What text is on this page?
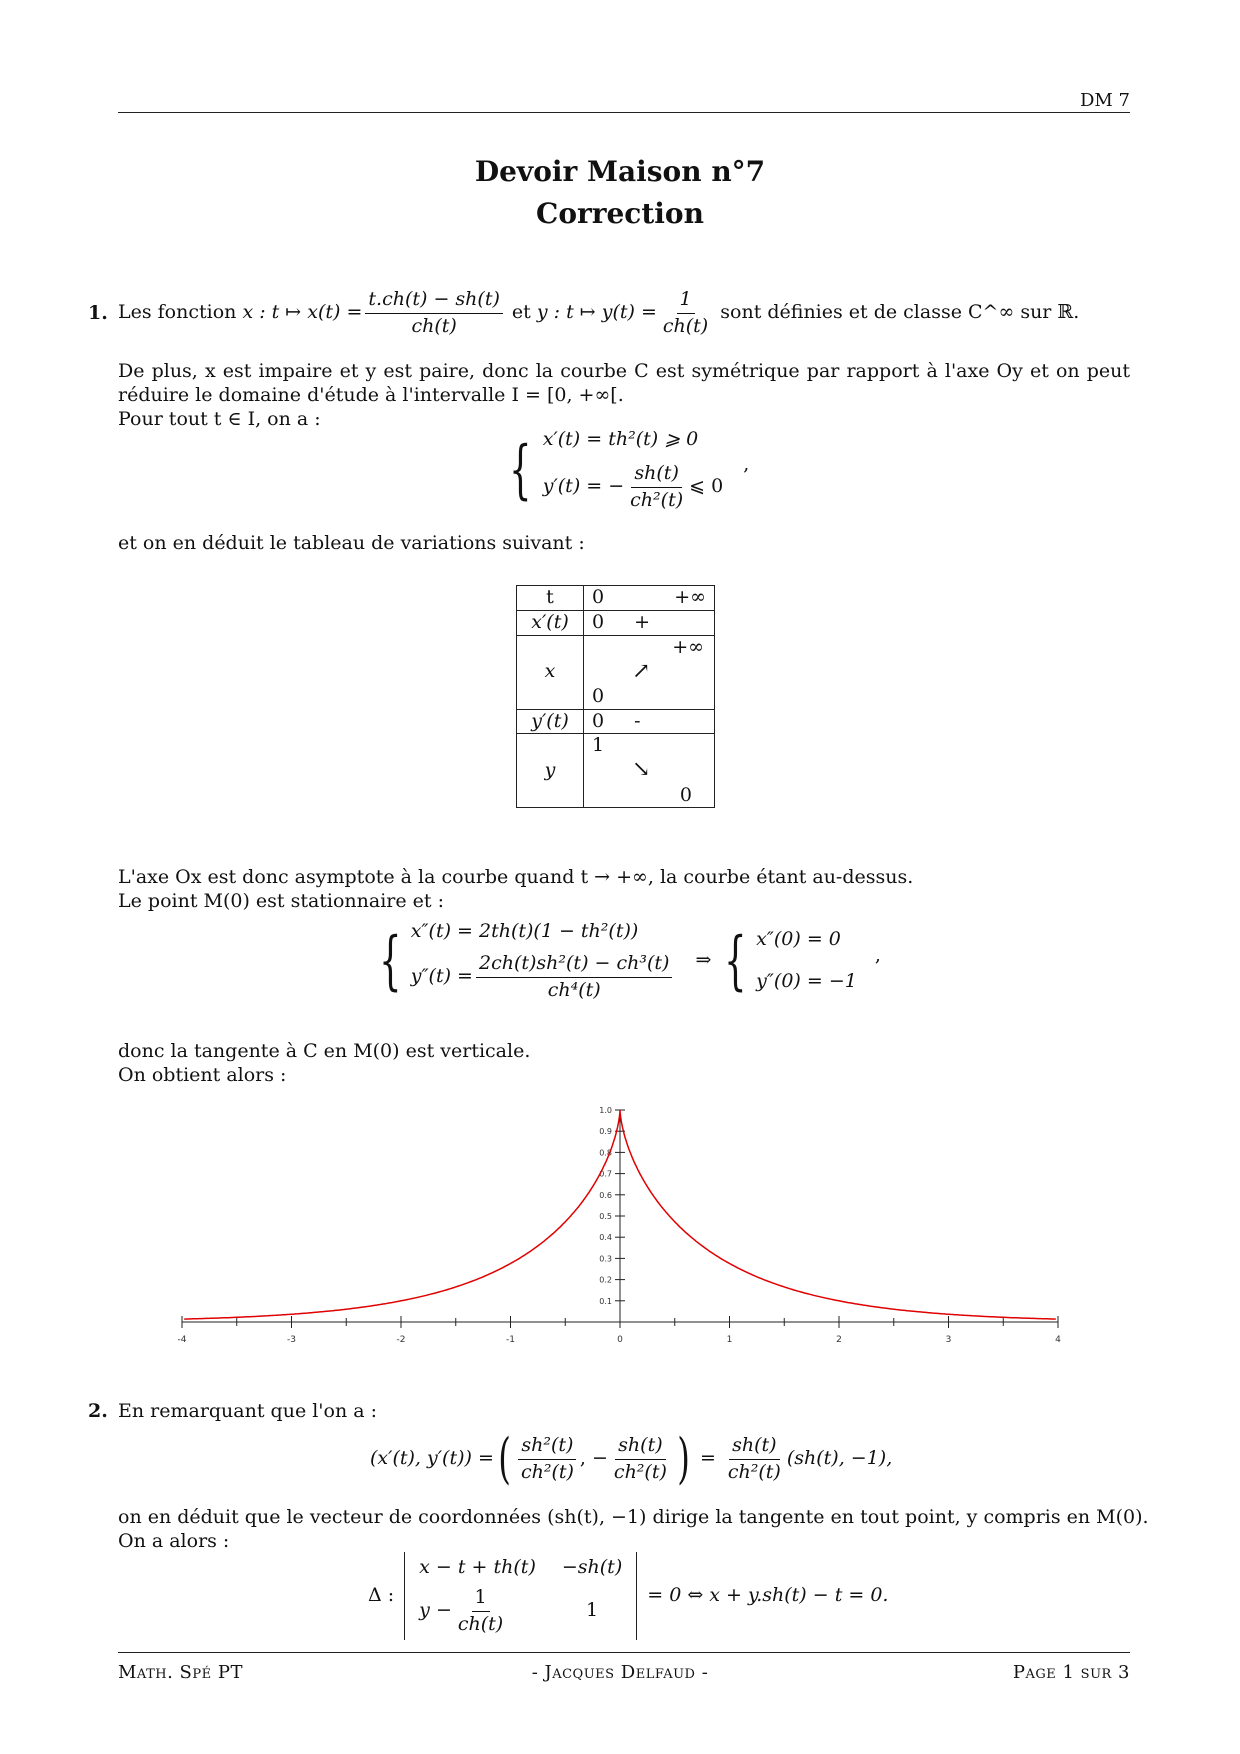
DM 7
Devoir Maison n°7
Correction
1. Les fonction
x : t ↦ $x(t) = \frac{t.ch(t) - sh(t)}{ch(t)}$
et
y : t ↦ $y(t) = \frac{1}{ch(t)}$
sont définies et de classe C^∞ sur ℝ.
De plus, x est impaire et y est paire, donc la courbe C est symétrique par rapport à l'axe Oy et on peut réduire le domaine d'étude à l'intervalle I = [0, +∞[.
Pour tout t ∈ I, on a :
{ x′(t) = th²(t) ⩾ 0
y′(t) = − $\frac{sh(t)}{\text{ch²(t)}}$ ⩽ 0
,
et on en déduit le tableau de variations suivant :
t	0 +∞

x′(t)	0 +
x	+∞
↗
0

y′(t)	0 -
y	1
↘
0
L'axe Ox est donc asymptote à la courbe quand t → +∞, la courbe étant au-dessus.
Le point M(0) est stationnaire et :
{ x″(t) = 2th(t)(1 − th²(t))
$y''(t) = \frac{\text{2ch(t)sh²(t) − ch³(t)}}{\text{ch⁴(t)}}$ ⇒ { x″(0) = 0
y″(0) = −1
,
donc la tangente à C en M(0) est verticale.
On obtient alors :
-4	-3	-2	-1	0	1	2	3	4
0.1
0.2
0.3
0.4
0.5
0.6
0.7
0.8
0.9
1.0
2. En remarquant que l'on a :
(x′(t), y′(t)) = ( $\frac{\text{sh²(t)}}{\text{ch²(t)}}$ , − $\frac{sh(t)}{\text{ch²(t)}}$ ) = $\frac{sh(t)}{\text{ch²(t)}} (sh(t)$, −1),
on en déduit que le vecteur de coordonnées (sh(t), −1) dirige la tangente en tout point, y compris en M(0).
On a alors :
Δ :
x − t + th(t) −sh(t)
$y - \frac{1}{ch(t)}$	1
= 0 ⇔ x + y.sh(t) − t = 0.
Math. Spé PT	- Jacques Delfaud -	Page 1 sur 3
